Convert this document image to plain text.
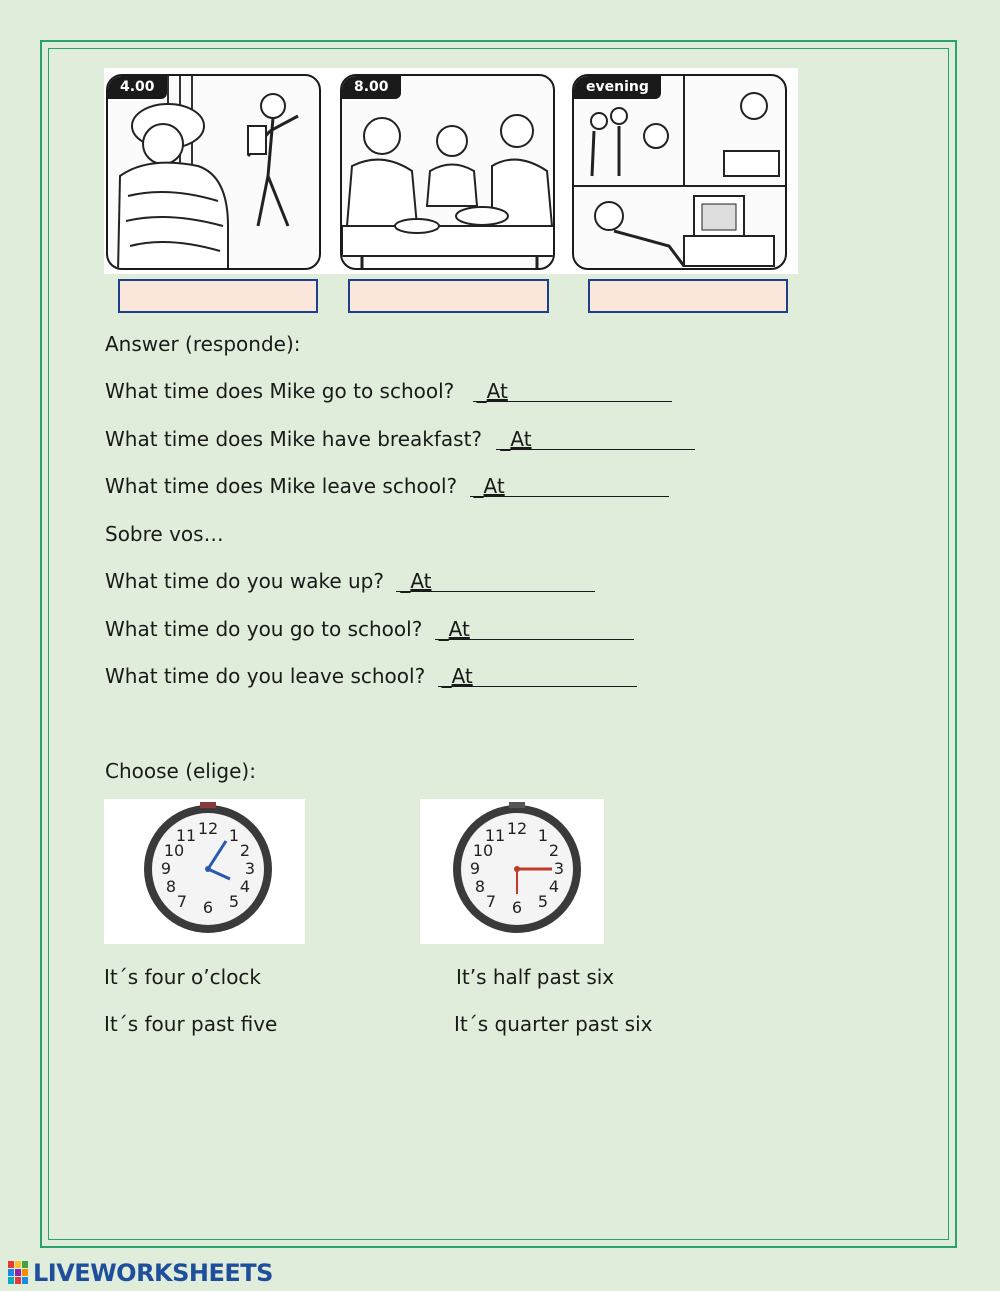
4.00	8.00	evening
Answer (responde):
What time does Mike go to school? _At
What time does Mike have breakfast? _At
What time does Mike leave school? _At
Sobre vos…
What time do you wake up? _At
What time do you go to school? _At
What time do you leave school? _At
Choose (elige):
12 1
2
3
4
5
6
7
8
9
10
11	12 1
2
3
4
5
6
7
8
9
10
11
It´s four o’clock
It´s four past five
It’s half past six
It´s quarter past six
LIVEWORKSHEETS
